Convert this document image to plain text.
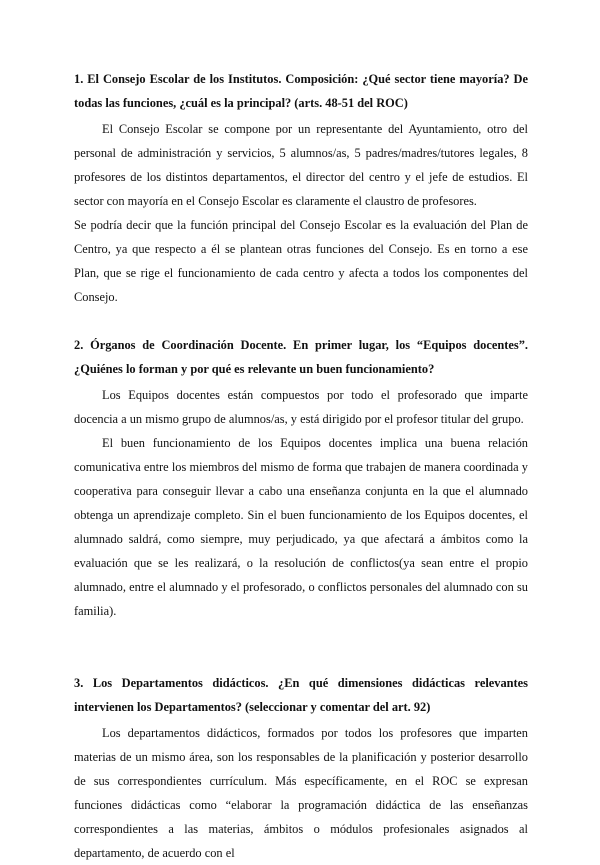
1. El Consejo Escolar de los Institutos. Composición: ¿Qué sector tiene mayoría? De todas las funciones, ¿cuál es la principal? (arts. 48-51 del ROC)

El Consejo Escolar se compone por un representante del Ayuntamiento, otro del personal de administración y servicios, 5 alumnos/as, 5 padres/madres/tutores legales, 8 profesores de los distintos departamentos, el director del centro y el jefe de estudios. El sector con mayoría en el Consejo Escolar es claramente el claustro de profesores.

Se podría decir que la función principal del Consejo Escolar es la evaluación del Plan de Centro, ya que respecto a él se plantean otras funciones del Consejo. Es en torno a ese Plan, que se rige el funcionamiento de cada centro y afecta a todos los componentes del Consejo.

2. Órganos de Coordinación Docente. En primer lugar, los “Equipos docentes”. ¿Quiénes lo forman y por qué es relevante un buen funcionamiento?

Los Equipos docentes están compuestos por todo el profesorado que imparte docencia a un mismo grupo de alumnos/as, y está dirigido por el profesor titular del grupo.

El buen funcionamiento de los Equipos docentes implica una buena relación comunicativa entre los miembros del mismo de forma que trabajen de manera coordinada y cooperativa para conseguir llevar a cabo una enseñanza conjunta en la que el alumnado obtenga un aprendizaje completo. Sin el buen funcionamiento de los Equipos docentes, el alumnado saldrá, como siempre, muy perjudicado, ya que afectará a ámbitos como la evaluación que se les realizará, o la resolución de conflictos(ya sean entre el propio alumnado, entre el alumnado y el profesorado, o conflictos personales del alumnado con su familia).

3. Los Departamentos didácticos. ¿En qué dimensiones didácticas relevantes intervienen los Departamentos? (seleccionar y comentar del art. 92)

Los departamentos didácticos, formados por todos los profesores que imparten materias de un mismo área, son los responsables de la planificación y posterior desarrollo de sus correspondientes currículum. Más específicamente, en el ROC se expresan funciones didácticas como “elaborar la programación didáctica de las enseñanzas correspondientes a las materias, ámbitos o módulos profesionales asignados al departamento, de acuerdo con el
